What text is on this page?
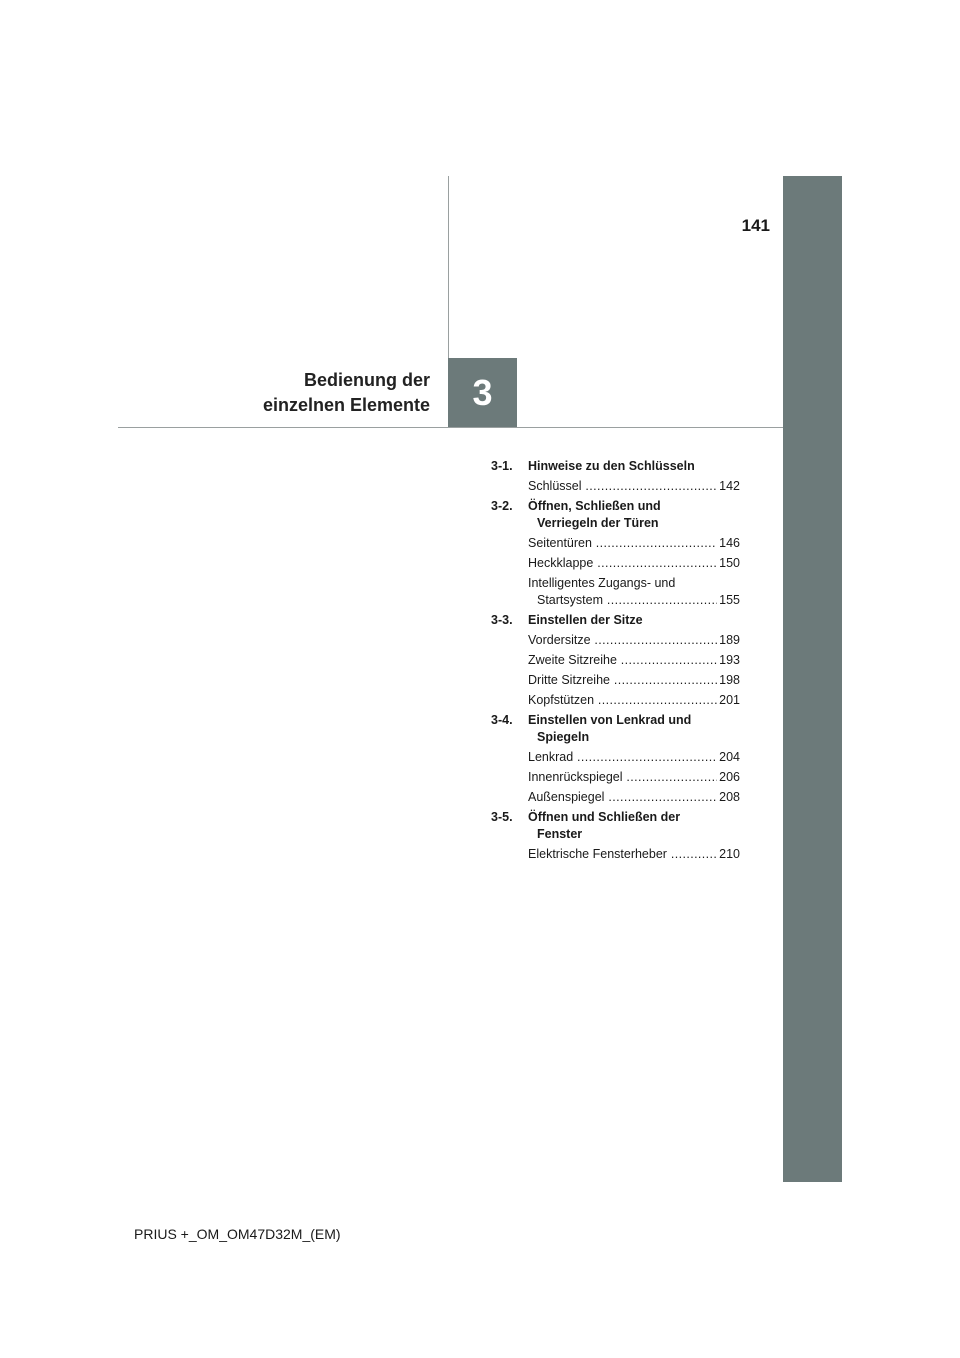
141
Bedienung der
einzelnen Elemente	3
3-1.	Hinweise zu den Schlüsseln
Schlüssel .....	142
3-2.	Öffnen, Schließen und
Verriegeln der Türen
Seitentüren .....	146
Heckklappe .....	150
Intelligentes Zugangs- und
Startsystem .....	155
3-3.	Einstellen der Sitze
Vordersitze .....	189
Zweite Sitzreihe .....	193
Dritte Sitzreihe .....	198
Kopfstützen .....	201
3-4.	Einstellen von Lenkrad und
Spiegeln
Lenkrad .....	204
Innenrückspiegel .....	206
Außenspiegel .....	208
3-5.	Öffnen und Schließen der
Fenster
Elektrische Fensterheber .....	210
PRIUS +_OM_OM47D32M_(EM)
